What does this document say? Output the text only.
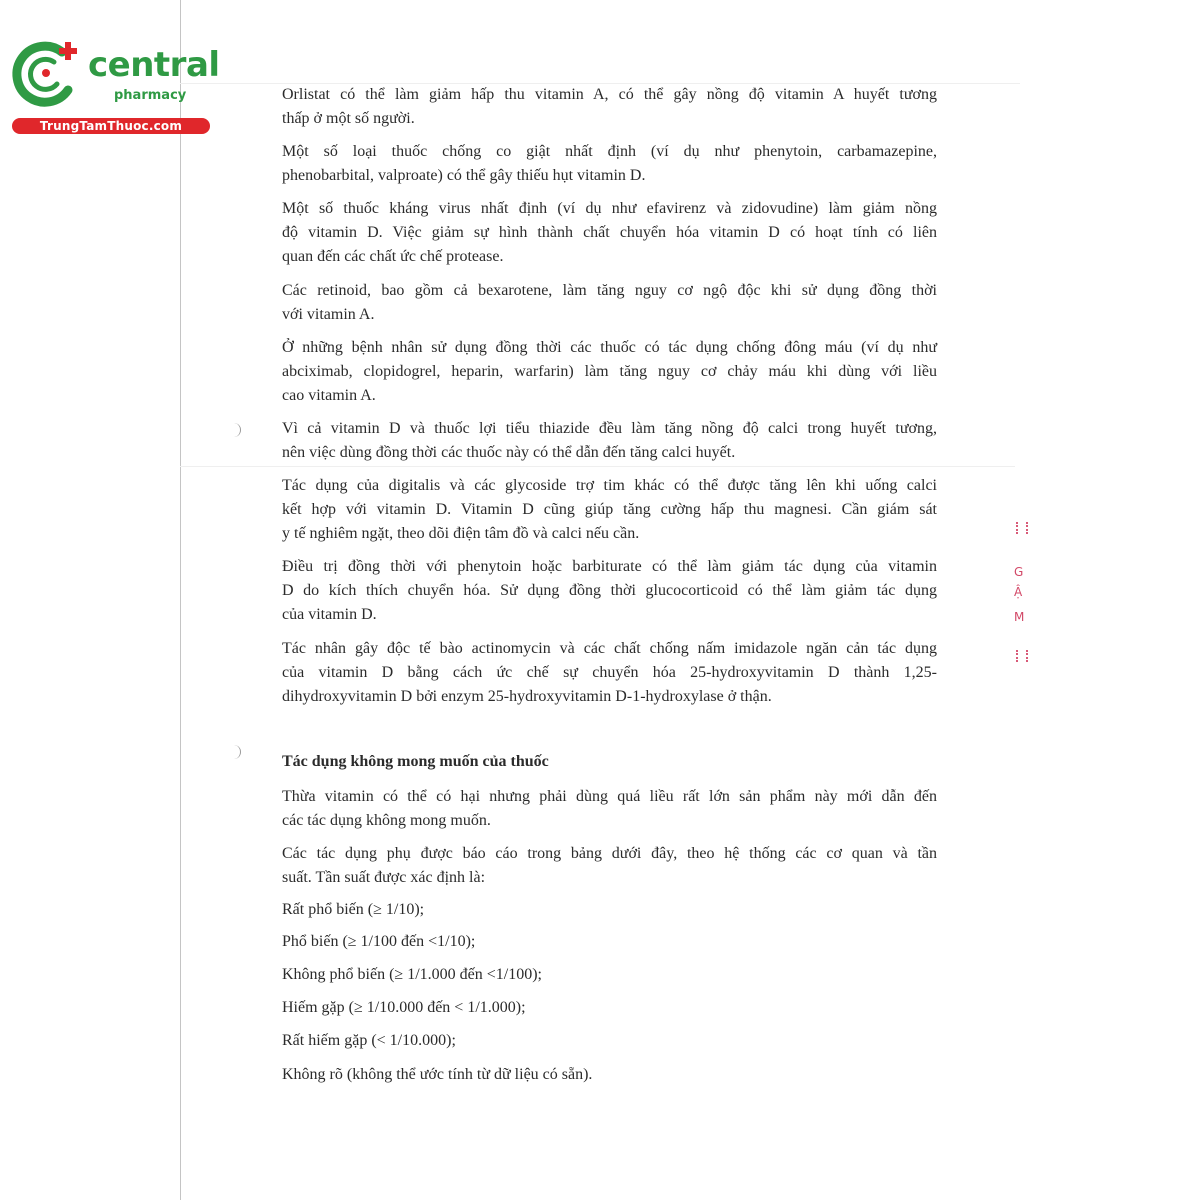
central
pharmacy
TrungTamThuoc.com
G
Ậ
M
Orlistat có thể làm giảm hấp thu vitamin A, có thể gây nồng độ vitamin A huyết tương
thấp ở một số người.
Một số loại thuốc chống co giật nhất định (ví dụ như phenytoin, carbamazepine,
phenobarbital, valproate) có thể gây thiếu hụt vitamin D.
Một số thuốc kháng virus nhất định (ví dụ như efavirenz và zidovudine) làm giảm nồng
độ vitamin D. Việc giảm sự hình thành chất chuyển hóa vitamin D có hoạt tính có liên
quan đến các chất ức chế protease.
Các retinoid, bao gồm cả bexarotene, làm tăng nguy cơ ngộ độc khi sử dụng đồng thời
với vitamin A.
Ở những bệnh nhân sử dụng đồng thời các thuốc có tác dụng chống đông máu (ví dụ như
abciximab, clopidogrel, heparin, warfarin) làm tăng nguy cơ chảy máu khi dùng với liều
cao vitamin A.
Vì cả vitamin D và thuốc lợi tiểu thiazide đều làm tăng nồng độ calci trong huyết tương,
nên việc dùng đồng thời các thuốc này có thể dẫn đến tăng calci huyết.
Tác dụng của digitalis và các glycoside trợ tim khác có thể được tăng lên khi uống calci
kết hợp với vitamin D. Vitamin D cũng giúp tăng cường hấp thu magnesi. Cần giám sát
y tế nghiêm ngặt, theo dõi điện tâm đồ và calci nếu cần.
Điều trị đồng thời với phenytoin hoặc barbiturate có thể làm giảm tác dụng của vitamin
D do kích thích chuyển hóa. Sử dụng đồng thời glucocorticoid có thể làm giảm tác dụng
của vitamin D.
Tác nhân gây độc tế bào actinomycin và các chất chống nấm imidazole ngăn cản tác dụng
của vitamin D bằng cách ức chế sự chuyển hóa 25-hydroxyvitamin D thành 1,25-
dihydroxyvitamin D bởi enzym 25-hydroxyvitamin D-1-hydroxylase ở thận.
Tác dụng không mong muốn của thuốc
Thừa vitamin có thể có hại nhưng phải dùng quá liều rất lớn sản phẩm này mới dẫn đến
các tác dụng không mong muốn.
Các tác dụng phụ được báo cáo trong bảng dưới đây, theo hệ thống các cơ quan và tần
suất. Tần suất được xác định là:
Rất phổ biến (≥ 1/10);
Phổ biến (≥ 1/100 đến <1/10);
Không phổ biến (≥ 1/1.000 đến <1/100);
Hiếm gặp (≥ 1/10.000 đến < 1/1.000);
Rất hiếm gặp (< 1/10.000);
Không rõ (không thể ước tính từ dữ liệu có sẵn).
